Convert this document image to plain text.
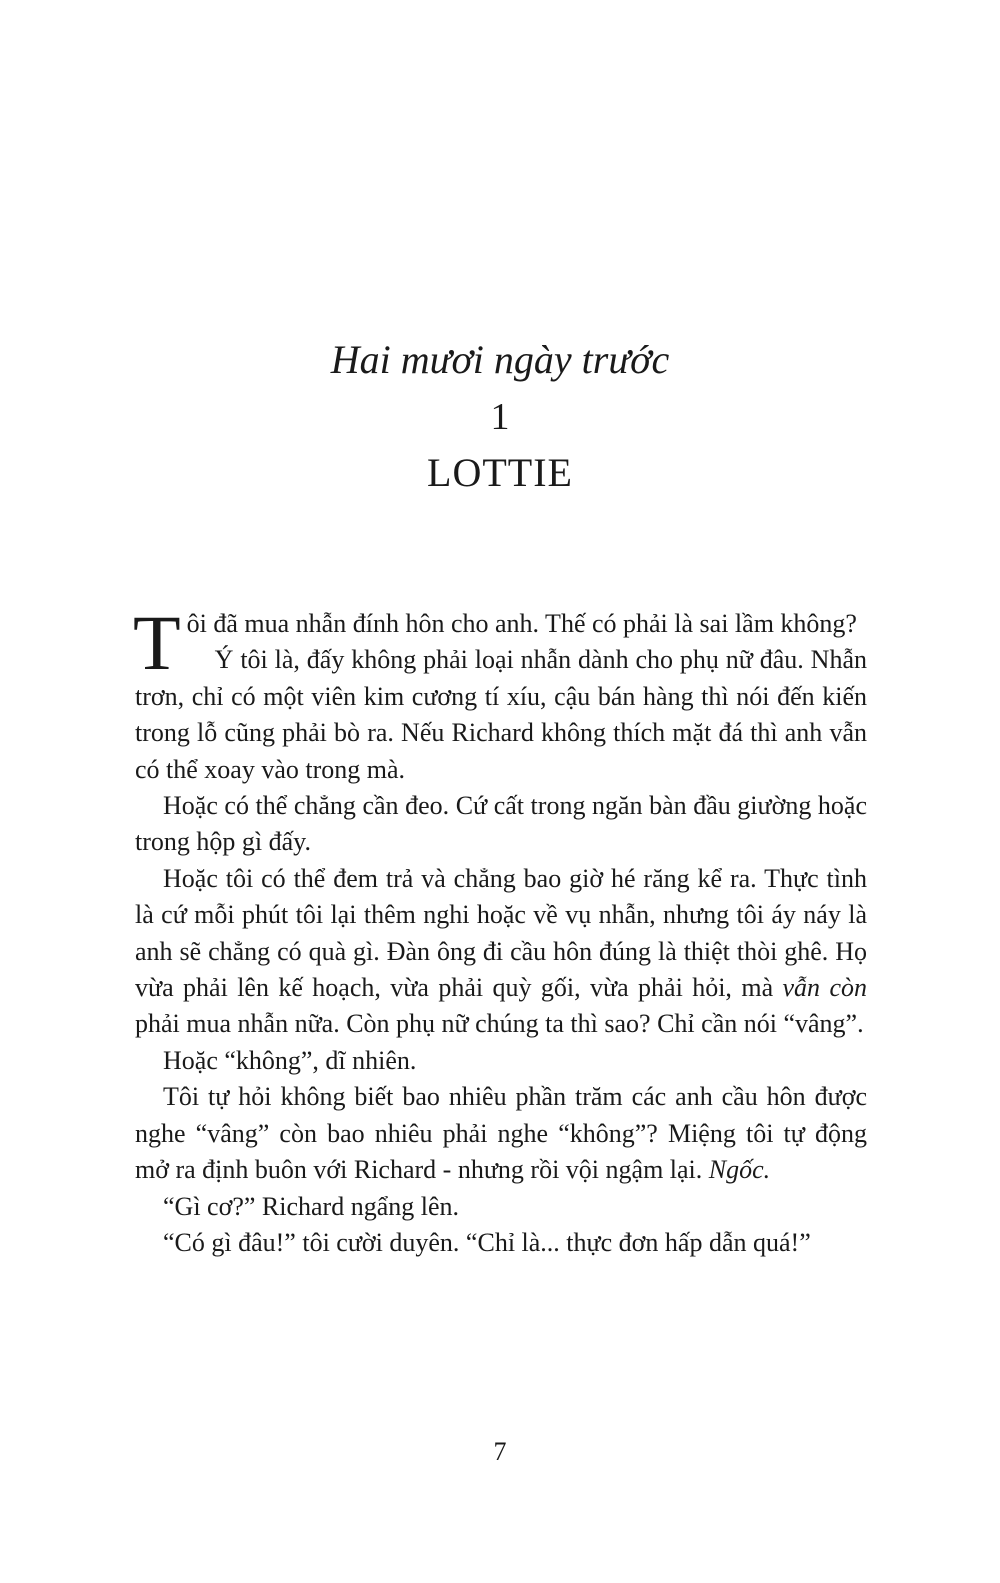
Hai mươi ngày trước
1
LOTTIE

Tôi đã mua nhẫn đính hôn cho anh. Thế có phải là sai lầm không?

Ý tôi là, đấy không phải loại nhẫn dành cho phụ nữ đâu. Nhẫn trơn, chỉ có một viên kim cương tí xíu, cậu bán hàng thì nói đến kiến trong lỗ cũng phải bò ra. Nếu Richard không thích mặt đá thì anh vẫn có thể xoay vào trong mà.

Hoặc có thể chẳng cần đeo. Cứ cất trong ngăn bàn đầu giường hoặc trong hộp gì đấy.

Hoặc tôi có thể đem trả và chẳng bao giờ hé răng kể ra. Thực tình là cứ mỗi phút tôi lại thêm nghi hoặc về vụ nhẫn, nhưng tôi áy náy là anh sẽ chẳng có quà gì. Đàn ông đi cầu hôn đúng là thiệt thòi ghê. Họ vừa phải lên kế hoạch, vừa phải quỳ gối, vừa phải hỏi, mà vẫn còn phải mua nhẫn nữa. Còn phụ nữ chúng ta thì sao? Chỉ cần nói “vâng”.

Hoặc “không”, dĩ nhiên.

Tôi tự hỏi không biết bao nhiêu phần trăm các anh cầu hôn được nghe “vâng” còn bao nhiêu phải nghe “không”? Miệng tôi tự động mở ra định buôn với Richard - nhưng rồi vội ngậm lại. Ngốc.

“Gì cơ?” Richard ngẩng lên.

“Có gì đâu!” tôi cười duyên. “Chỉ là... thực đơn hấp dẫn quá!”

7
